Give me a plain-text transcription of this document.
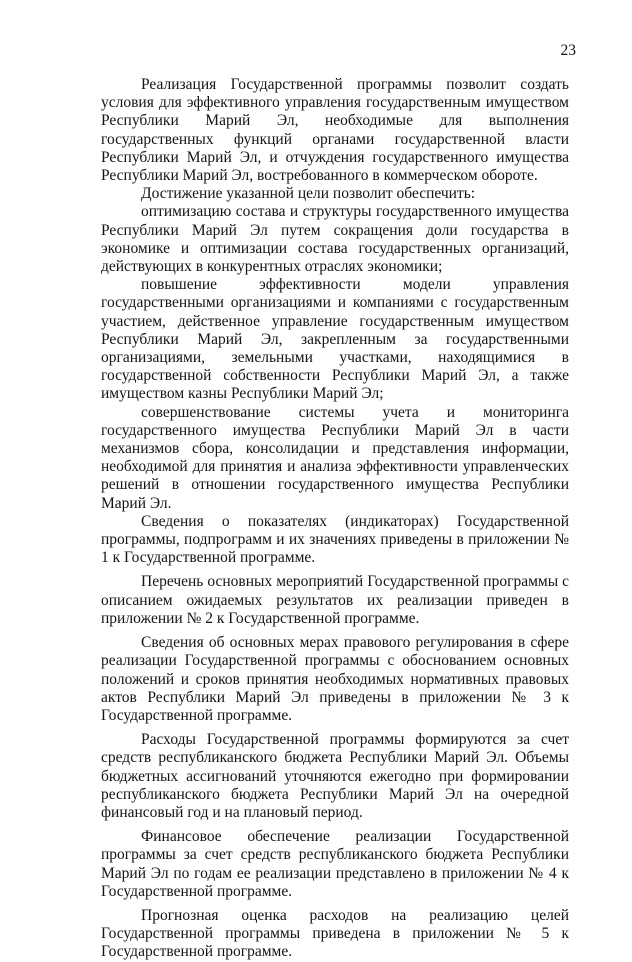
23

Реализация Государственной программы позволит создать условия для эффективного управления государственным имуществом Республики Марий Эл, необходимые для выполнения государственных функций органами государственной власти Республики Марий Эл, и отчуждения государственного имущества Республики Марий Эл, востребованного в коммерческом обороте.

Достижение указанной цели позволит обеспечить:

оптимизацию состава и структуры государственного имущества Республики Марий Эл путем сокращения доли государства в экономике и оптимизации состава государственных организаций, действующих в конкурентных отраслях экономики;

повышение эффективности модели управления государственными организациями и компаниями с государственным участием, действенное управление государственным имуществом Республики Марий Эл, закрепленным за государственными организациями, земельными участками, находящимися в государственной собственности Республики Марий Эл, а также имуществом казны Республики Марий Эл;

совершенствование системы учета и мониторинга государственного имущества Республики Марий Эл в части механизмов сбора, консолидации и представления информации, необходимой для принятия и анализа эффективности управленческих решений в отношении государственного имущества Республики Марий Эл.

Сведения о показателях (индикаторах) Государственной программы, подпрограмм и их значениях приведены в приложении № 1 к Государственной программе.

Перечень основных мероприятий Государственной программы с описанием ожидаемых результатов их реализации приведен в приложении № 2 к Государственной программе.

Сведения об основных мерах правового регулирования в сфере реализации Государственной программы с обоснованием основных положений и сроков принятия необходимых нормативных правовых актов Республики Марий Эл приведены в приложении № 3 к Государственной программе.

Расходы Государственной программы формируются за счет средств республиканского бюджета Республики Марий Эл. Объемы бюджетных ассигнований уточняются ежегодно при формировании республиканского бюджета Республики Марий Эл на очередной финансовый год и на плановый период.

Финансовое обеспечение реализации Государственной программы за счет средств республиканского бюджета Республики Марий Эл по годам ее реализации представлено в приложении № 4 к Государственной программе.

Прогнозная оценка расходов на реализацию целей Государственной программы приведена в приложении № 5 к Государственной программе.
